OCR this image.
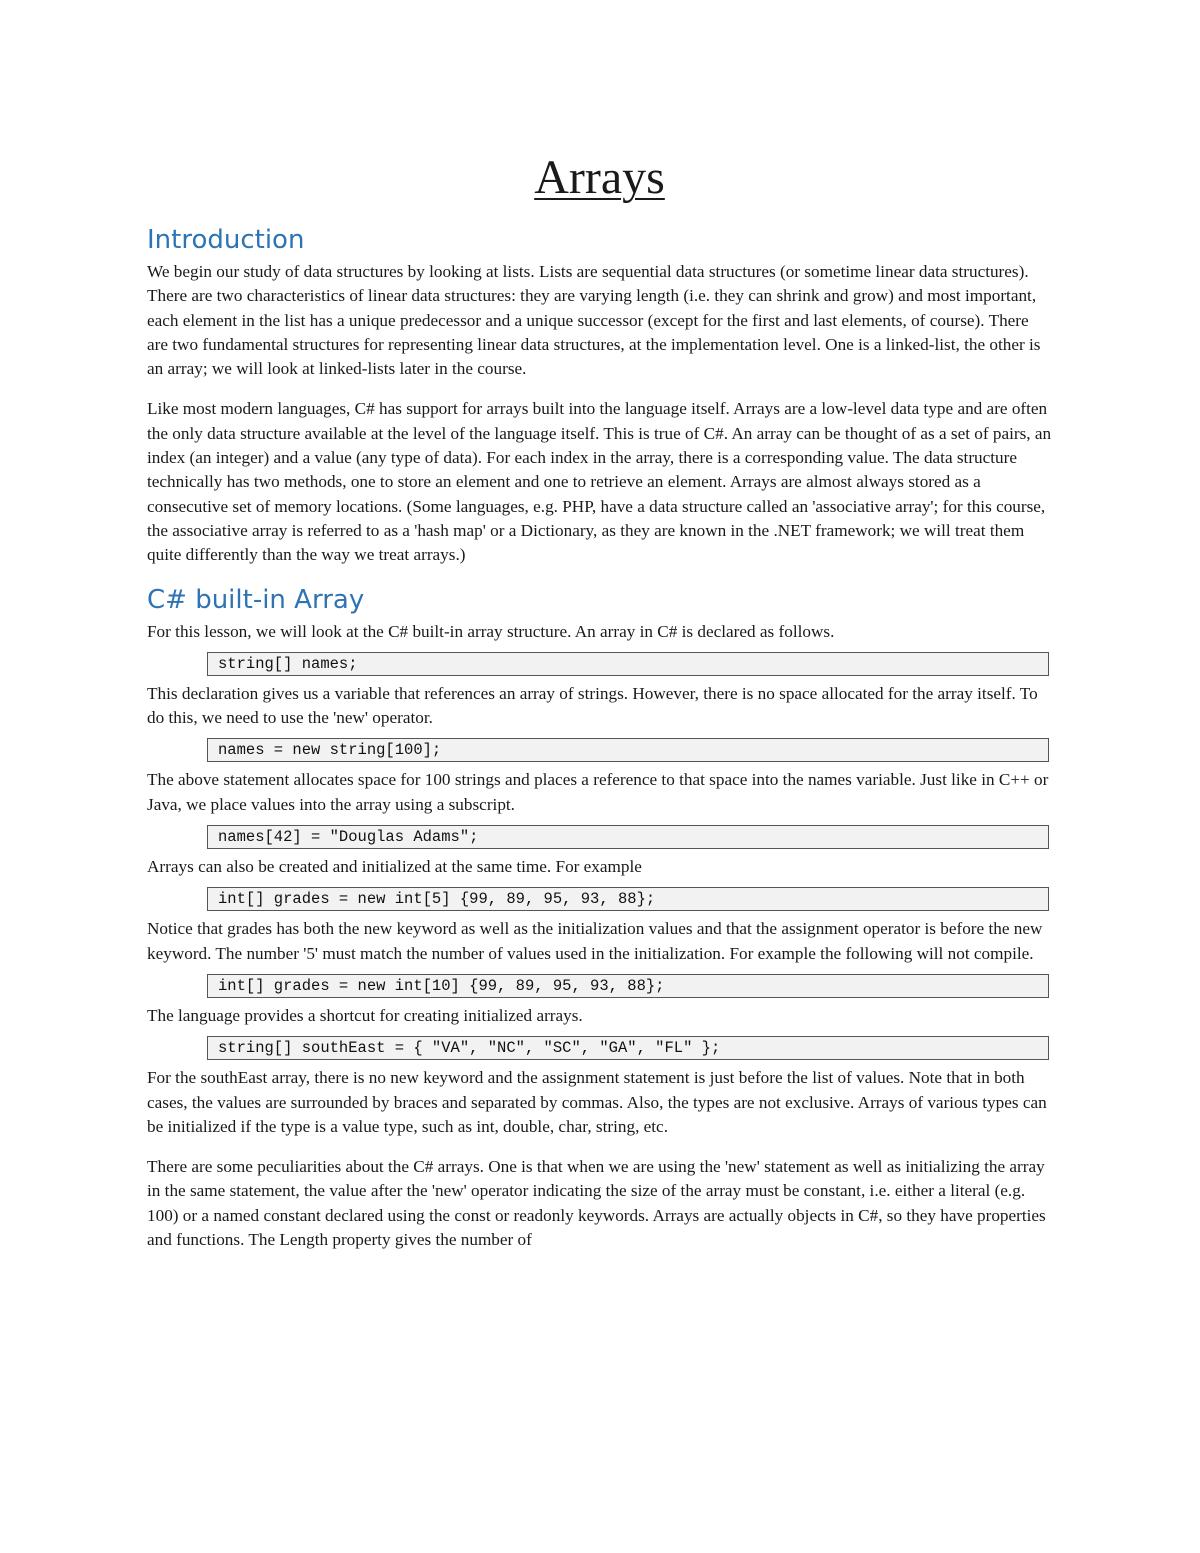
Arrays
Introduction

We begin our study of data structures by looking at lists. Lists are sequential data structures (or sometime linear data structures). There are two characteristics of linear data structures: they are varying length (i.e. they can shrink and grow) and most important, each element in the list has a unique predecessor and a unique successor (except for the first and last elements, of course). There are two fundamental structures for representing linear data structures, at the implementation level. One is a linked-list, the other is an array; we will look at linked-lists later in the course.

Like most modern languages, C# has support for arrays built into the language itself. Arrays are a low-level data type and are often the only data structure available at the level of the language itself. This is true of C#. An array can be thought of as a set of pairs, an index (an integer) and a value (any type of data). For each index in the array, there is a corresponding value. The data structure technically has two methods, one to store an element and one to retrieve an element. Arrays are almost always stored as a consecutive set of memory locations. (Some languages, e.g. PHP, have a data structure called an 'associative array'; for this course, the associative array is referred to as a 'hash map' or a Dictionary, as they are known in the .NET framework; we will treat them quite differently than the way we treat arrays.)

C# built-in Array

For this lesson, we will look at the C# built-in array structure. An array in C# is declared as follows.

string[] names;

This declaration gives us a variable that references an array of strings. However, there is no space allocated for the array itself. To do this, we need to use the 'new' operator.

names = new string[100];

The above statement allocates space for 100 strings and places a reference to that space into the names variable. Just like in C++ or Java, we place values into the array using a subscript.

names[42] = "Douglas Adams";

Arrays can also be created and initialized at the same time. For example

int[] grades = new int[5] {99, 89, 95, 93, 88};

Notice that grades has both the new keyword as well as the initialization values and that the assignment operator is before the new keyword. The number '5' must match the number of values used in the initialization. For example the following will not compile.

int[] grades = new int[10] {99, 89, 95, 93, 88};

The language provides a shortcut for creating initialized arrays.

string[] southEast = { "VA", "NC", "SC", "GA", "FL" };

For the southEast array, there is no new keyword and the assignment statement is just before the list of values. Note that in both cases, the values are surrounded by braces and separated by commas. Also, the types are not exclusive. Arrays of various types can be initialized if the type is a value type, such as int, double, char, string, etc.

There are some peculiarities about the C# arrays. One is that when we are using the 'new' statement as well as initializing the array in the same statement, the value after the 'new' operator indicating the size of the array must be constant, i.e. either a literal (e.g. 100) or a named constant declared using the const or readonly keywords. Arrays are actually objects in C#, so they have properties and functions. The Length property gives the number of
